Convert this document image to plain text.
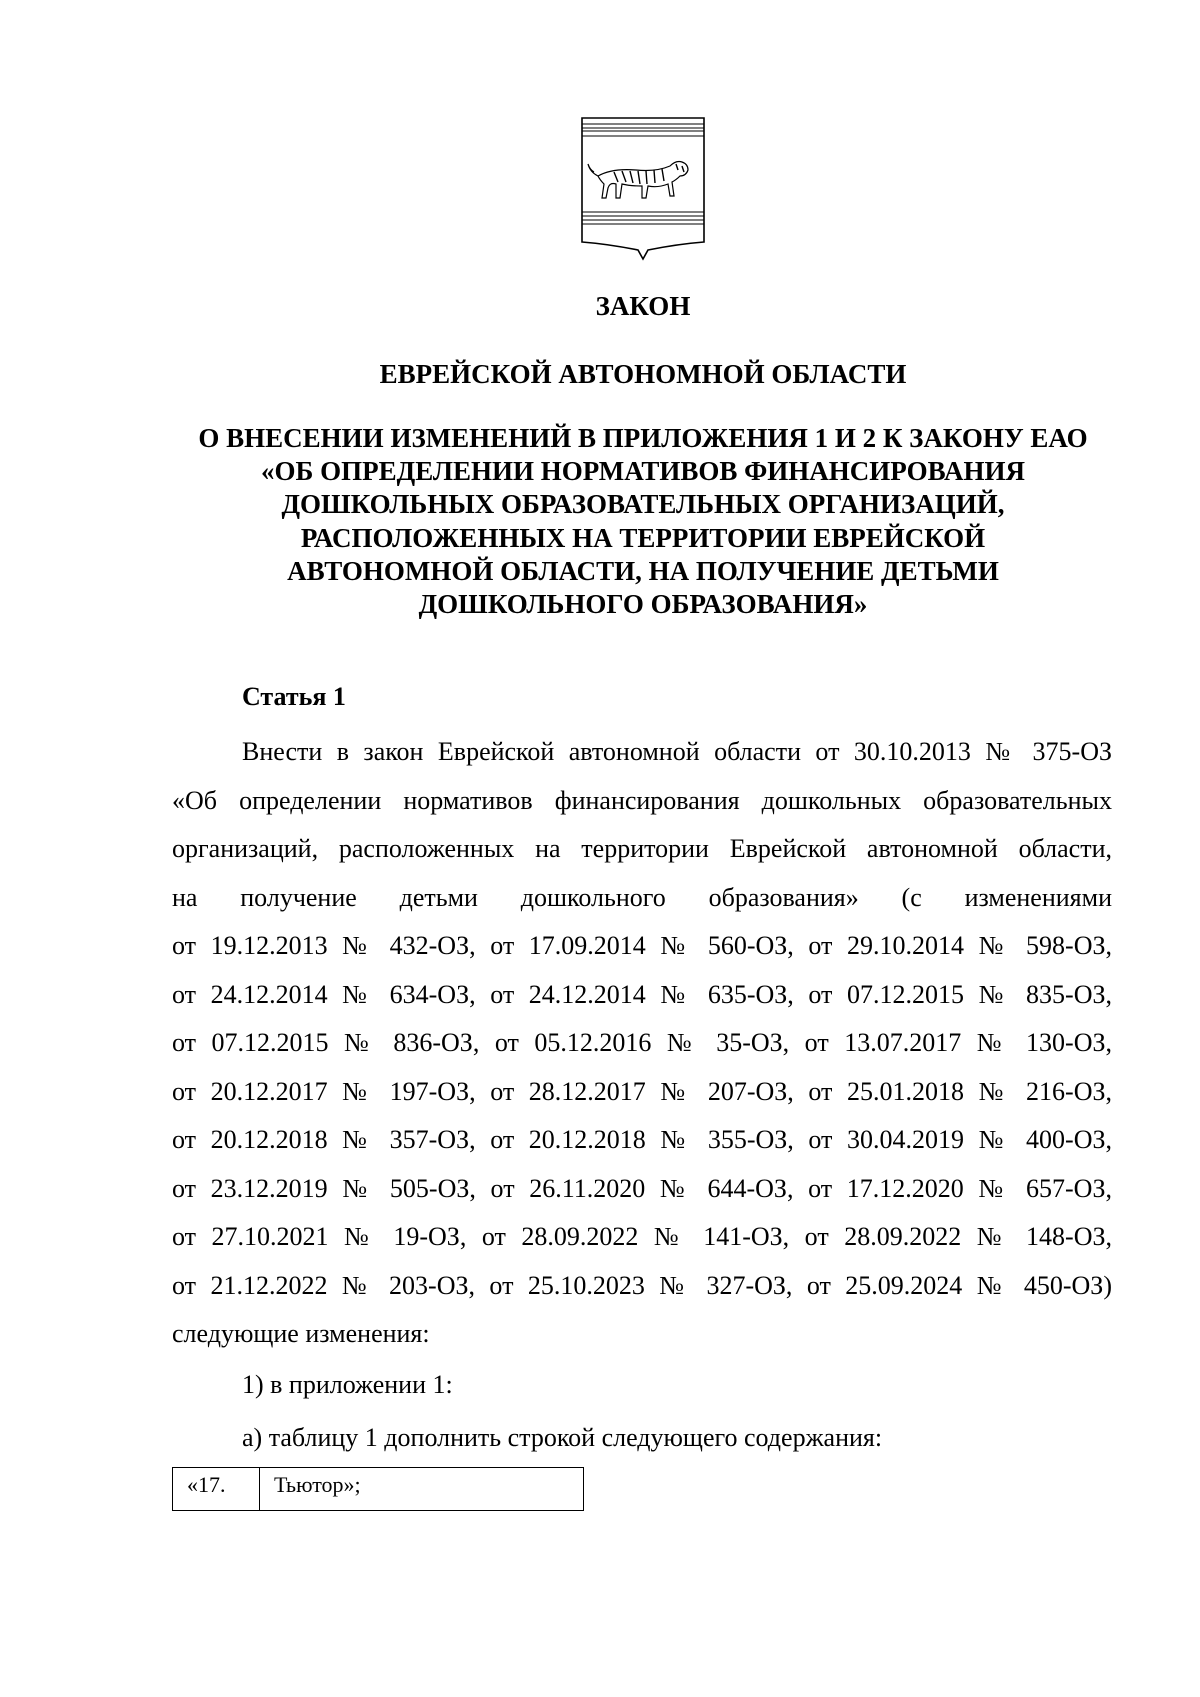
ЗАКОН
ЕВРЕЙСКОЙ АВТОНОМНОЙ ОБЛАСТИ
О ВНЕСЕНИИ ИЗМЕНЕНИЙ В ПРИЛОЖЕНИЯ 1 И 2 К ЗАКОНУ ЕАО
«ОБ ОПРЕДЕЛЕНИИ НОРМАТИВОВ ФИНАНСИРОВАНИЯ
ДОШКОЛЬНЫХ ОБРАЗОВАТЕЛЬНЫХ ОРГАНИЗАЦИЙ,
РАСПОЛОЖЕННЫХ НА ТЕРРИТОРИИ ЕВРЕЙСКОЙ
АВТОНОМНОЙ ОБЛАСТИ, НА ПОЛУЧЕНИЕ ДЕТЬМИ
ДОШКОЛЬНОГО ОБРАЗОВАНИЯ»
Статья 1

Внести в закон Еврейской автономной области от 30.10.2013 № 375-ОЗ
«Об определении нормативов финансирования дошкольных образовательных
организаций, расположенных на территории Еврейской автономной области,
на получение детьми дошкольного образования» (с изменениями
от 19.12.2013 № 432-ОЗ, от 17.09.2014 № 560-ОЗ, от 29.10.2014 № 598-ОЗ,
от 24.12.2014 № 634-ОЗ, от 24.12.2014 № 635-ОЗ, от 07.12.2015 № 835-ОЗ,
от 07.12.2015 № 836-ОЗ, от 05.12.2016 № 35-ОЗ, от 13.07.2017 № 130-ОЗ,
от 20.12.2017 № 197-ОЗ, от 28.12.2017 № 207-ОЗ, от 25.01.2018 № 216-ОЗ,
от 20.12.2018 № 357-ОЗ, от 20.12.2018 № 355-ОЗ, от 30.04.2019 № 400-ОЗ,
от 23.12.2019 № 505-ОЗ, от 26.11.2020 № 644-ОЗ, от 17.12.2020 № 657-ОЗ,
от 27.10.2021 № 19-ОЗ, от 28.09.2022 № 141-ОЗ, от 28.09.2022 № 148-ОЗ,
от 21.12.2022 № 203-ОЗ, от 25.10.2023 № 327-ОЗ, от 25.09.2024 № 450-ОЗ)
следующие изменения:

1) в приложении 1:

а) таблицу 1 дополнить строкой следующего содержания:

«17.	Тьютор»;
